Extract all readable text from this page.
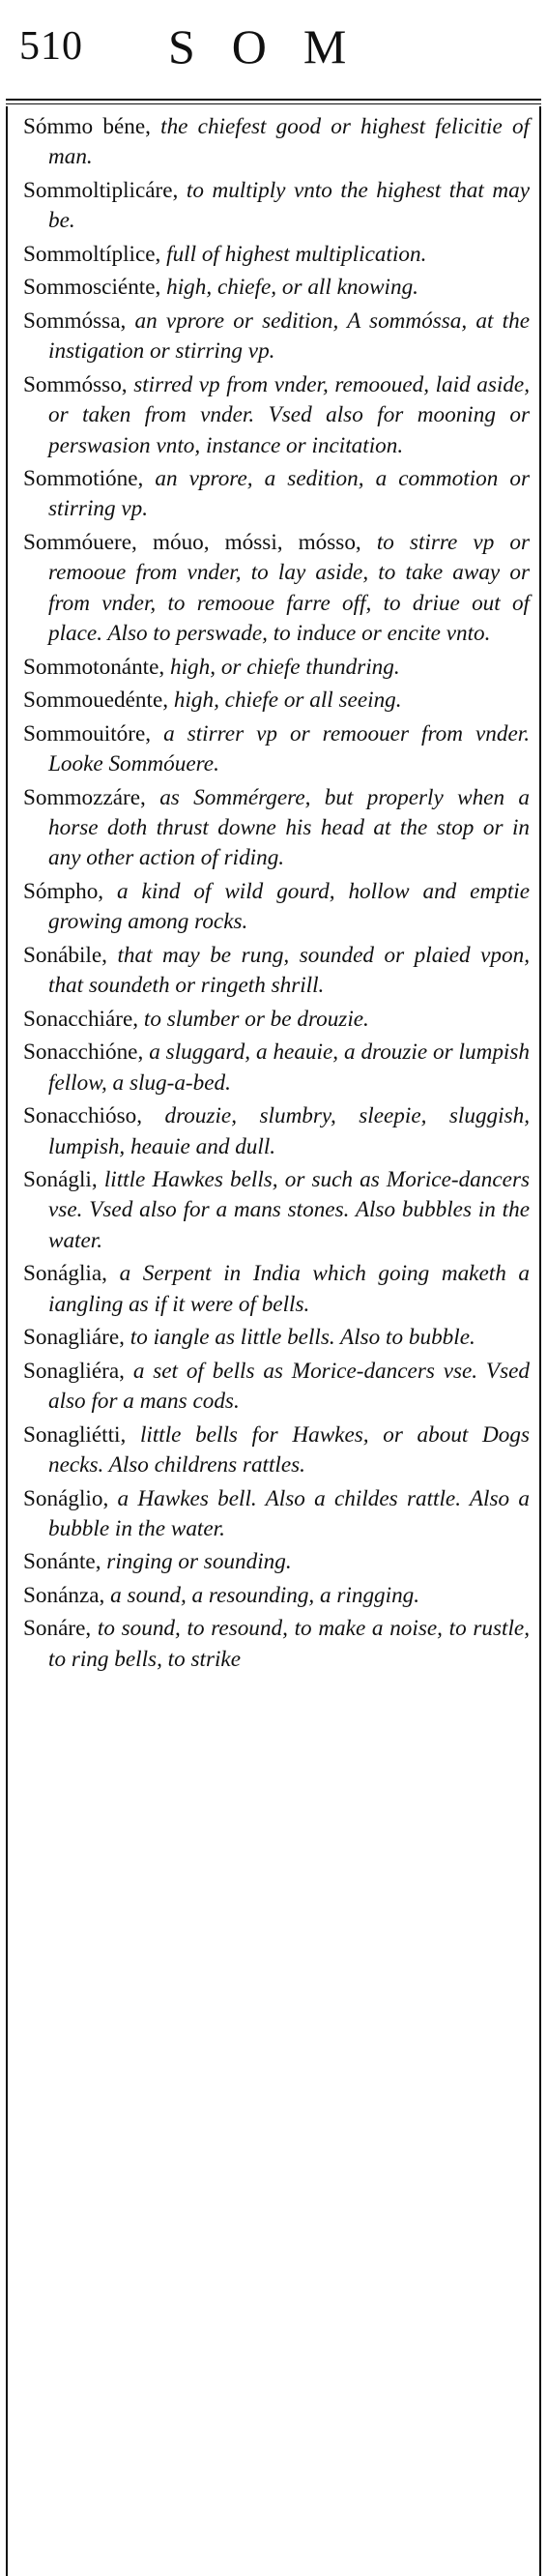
510 SOM

Sómmo béne, the chiefest good or highest felicitie of man.

Sommoltiplicáre, to multiply vnto the highest that may be.

Sommoltíplice, full of highest multiplication.

Sommosciénte, high, chiefe, or all knowing.

Sommóssa, an vprore or sedition, A sommóssa, at the instigation or stirring vp.

Sommósso, stirred vp from vnder, remooued, laid aside, or taken from vnder. Vsed also for mooning or perswasion vnto, instance or incitation.

Sommotióne, an vprore, a sedition, a commotion or stirring vp.

Sommóuere, móuo, móssi, mósso, to stirre vp or remooue from vnder, to lay aside, to take away or from vnder, to remooue farre off, to driue out of place. Also to perswade, to induce or encite vnto.

Sommotonánte, high, or chiefe thundring.

Sommouedénte, high, chiefe or all seeing.

Sommouitóre, a stirrer vp or remoouer from vnder. Looke Sommóuere.

Sommozzáre, as Sommérgere, but properly when a horse doth thrust downe his head at the stop or in any other action of riding.

Sómpho, a kind of wild gourd, hollow and emptie growing among rocks.

Sonábile, that may be rung, sounded or plaied vpon, that soundeth or ringeth shrill.

Sonacchiáre, to slumber or be drouzie.

Sonacchióne, a sluggard, a heauie, a drouzie or lumpish fellow, a slug-a-bed.

Sonacchióso, drouzie, slumbry, sleepie, sluggish, lumpish, heauie and dull.

Sonágli, little Hawkes bells, or such as Morice-dancers vse. Vsed also for a mans stones. Also bubbles in the water.

Sonáglia, a Serpent in India which going maketh a iangling as if it were of bells.

Sonagliáre, to iangle as little bells. Also to bubble.

Sonagliéra, a set of bells as Morice-dancers vse. Vsed also for a mans cods.

Sonagliétti, little bells for Hawkes, or about Dogs necks. Also childrens rattles.

Sonáglio, a Hawkes bell. Also a childes rattle. Also a bubble in the water.

Sonánte, ringing or sounding.

Sonánza, a sound, a resounding, a ringging.

Sonáre, to sound, to resound, to make a noise, to rustle, to ring bells, to strike
